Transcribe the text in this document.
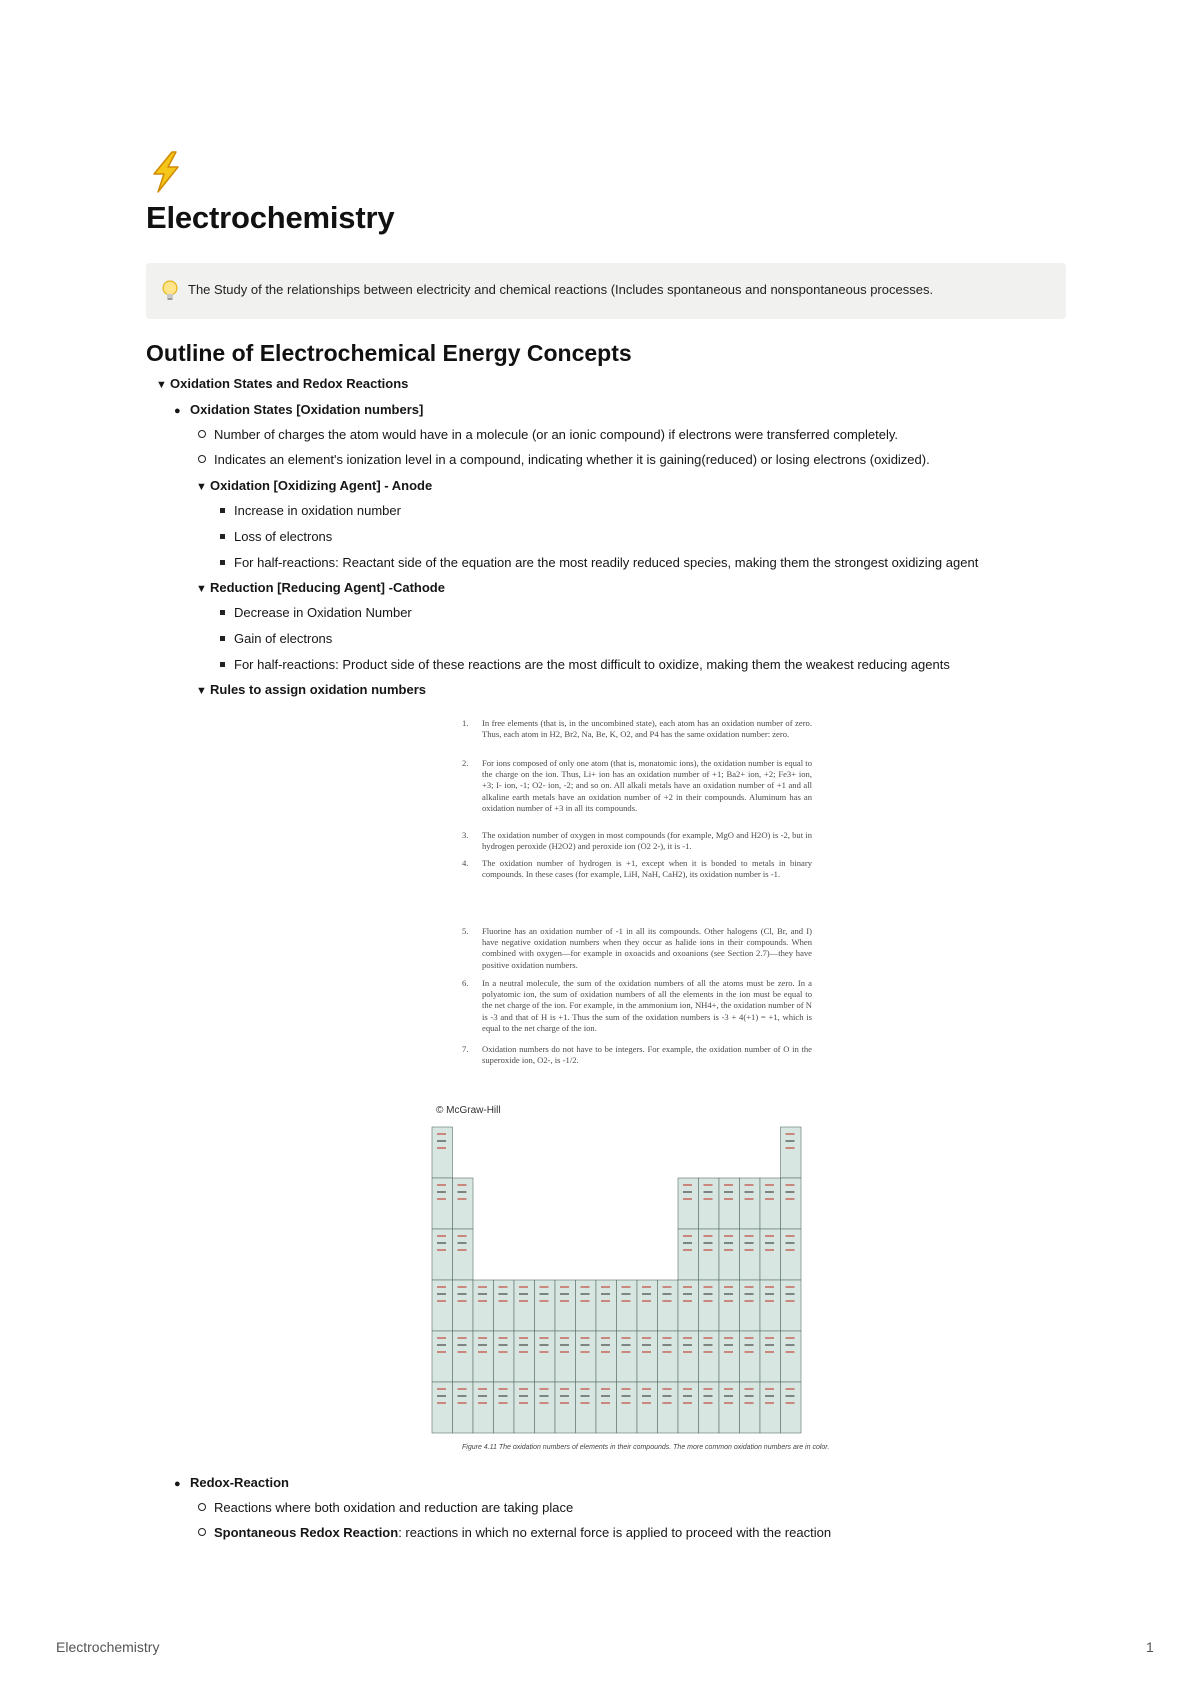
Electrochemistry
The Study of the relationships between electricity and chemical reactions (Includes spontaneous and nonspontaneous processes.
Outline of Electrochemical Energy Concepts
▼ Oxidation States and Redox Reactions
● Oxidation States [Oxidation numbers]
Number of charges the atom would have in a molecule (or an ionic compound) if electrons were transferred completely.
Indicates an element's ionization level in a compound, indicating whether it is gaining(reduced) or losing electrons (oxidized).
▼ Oxidation [Oxidizing Agent] - Anode
Increase in oxidation number
Loss of electrons
For half-reactions: Reactant side of the equation are the most readily reduced species, making them the strongest oxidizing agent
▼ Reduction [Reducing Agent] -Cathode
Decrease in Oxidation Number
Gain of electrons
For half-reactions: Product side of these reactions are the most difficult to oxidize, making them the weakest reducing agents
▼ Rules to assign oxidation numbers
1.	In free elements (that is, in the uncombined state), each atom has an oxidation number of zero. Thus, each atom in H2, Br2, Na, Be, K, O2, and P4 has the same oxidation number: zero.
2.	For ions composed of only one atom (that is, monatomic ions), the oxidation number is equal to the charge on the ion. Thus, Li+ ion has an oxidation number of +1; Ba2+ ion, +2; Fe3+ ion, +3; I- ion, -1; O2- ion, -2; and so on. All alkali metals have an oxidation number of +1 and all alkaline earth metals have an oxidation number of +2 in their compounds. Aluminum has an oxidation number of +3 in all its compounds.
3.	The oxidation number of oxygen in most compounds (for example, MgO and H2O) is -2, but in hydrogen peroxide (H2O2) and peroxide ion (O2 2-), it is -1.
4.	The oxidation number of hydrogen is +1, except when it is bonded to metals in binary compounds. In these cases (for example, LiH, NaH, CaH2), its oxidation number is -1.
5.	Fluorine has an oxidation number of -1 in all its compounds. Other halogens (Cl, Br, and I) have negative oxidation numbers when they occur as halide ions in their compounds. When combined with oxygen—for example in oxoacids and oxoanions (see Section 2.7)—they have positive oxidation numbers.
6.	In a neutral molecule, the sum of the oxidation numbers of all the atoms must be zero. In a polyatomic ion, the sum of oxidation numbers of all the elements in the ion must be equal to the net charge of the ion. For example, in the ammonium ion, NH4+, the oxidation number of N is -3 and that of H is +1. Thus the sum of the oxidation numbers is -3 + 4(+1) = +1, which is equal to the net charge of the ion.
7.	Oxidation numbers do not have to be integers. For example, the oxidation number of O in the superoxide ion, O2-, is -1/2.
© McGraw-Hill
Figure 4.11 The oxidation numbers of elements in their compounds. The more common oxidation numbers are in color.
● Redox-Reaction
Reactions where both oxidation and reduction are taking place
Spontaneous Redox Reaction: reactions in which no external force is applied to proceed with the reaction
Electrochemistry	1
